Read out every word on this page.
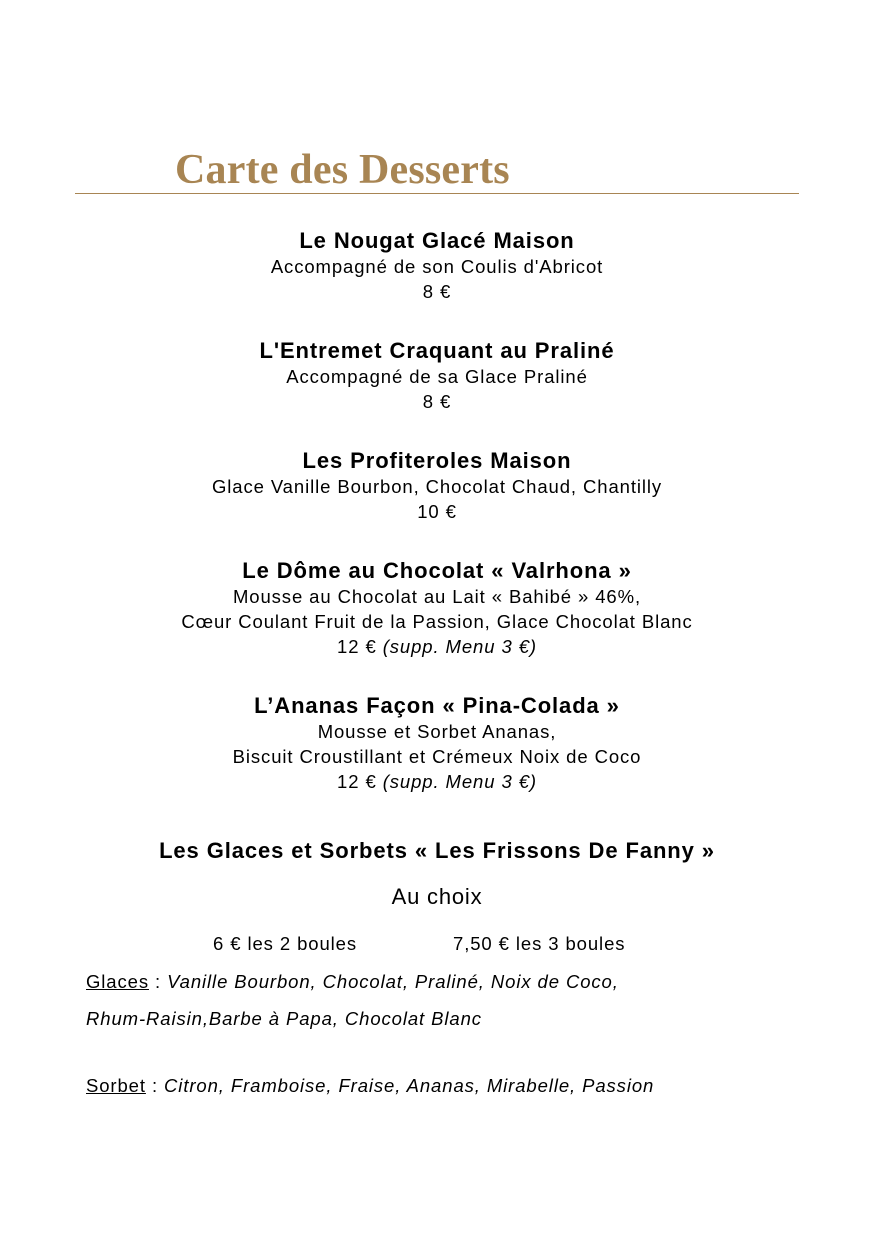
Carte des Desserts

Le Nougat Glacé Maison

Accompagné de son Coulis d'Abricot
8 €

L'Entremet Craquant au Praliné

Accompagné de sa Glace Praliné
8 €

Les Profiteroles Maison

Glace Vanille Bourbon, Chocolat Chaud, Chantilly
10 €

Le Dôme au Chocolat « Valrhona »

Mousse au Chocolat au Lait « Bahibé » 46%,
Cœur Coulant Fruit de la Passion, Glace Chocolat Blanc
12 € (supp. Menu 3 €)

L’Ananas Façon « Pina-Colada »

Mousse et Sorbet Ananas,
Biscuit Croustillant et Crémeux Noix de Coco
12 € (supp. Menu 3 €)
Les Glaces et Sorbets « Les Frissons De Fanny »
Au choix
6 € les 2 boules	7,50 € les 3 boules
Glaces : Vanille Bourbon, Chocolat, Praliné, Noix de Coco,
Rhum-Raisin,Barbe à Papa, Chocolat Blanc
Sorbet : Citron, Framboise, Fraise, Ananas, Mirabelle, Passion
